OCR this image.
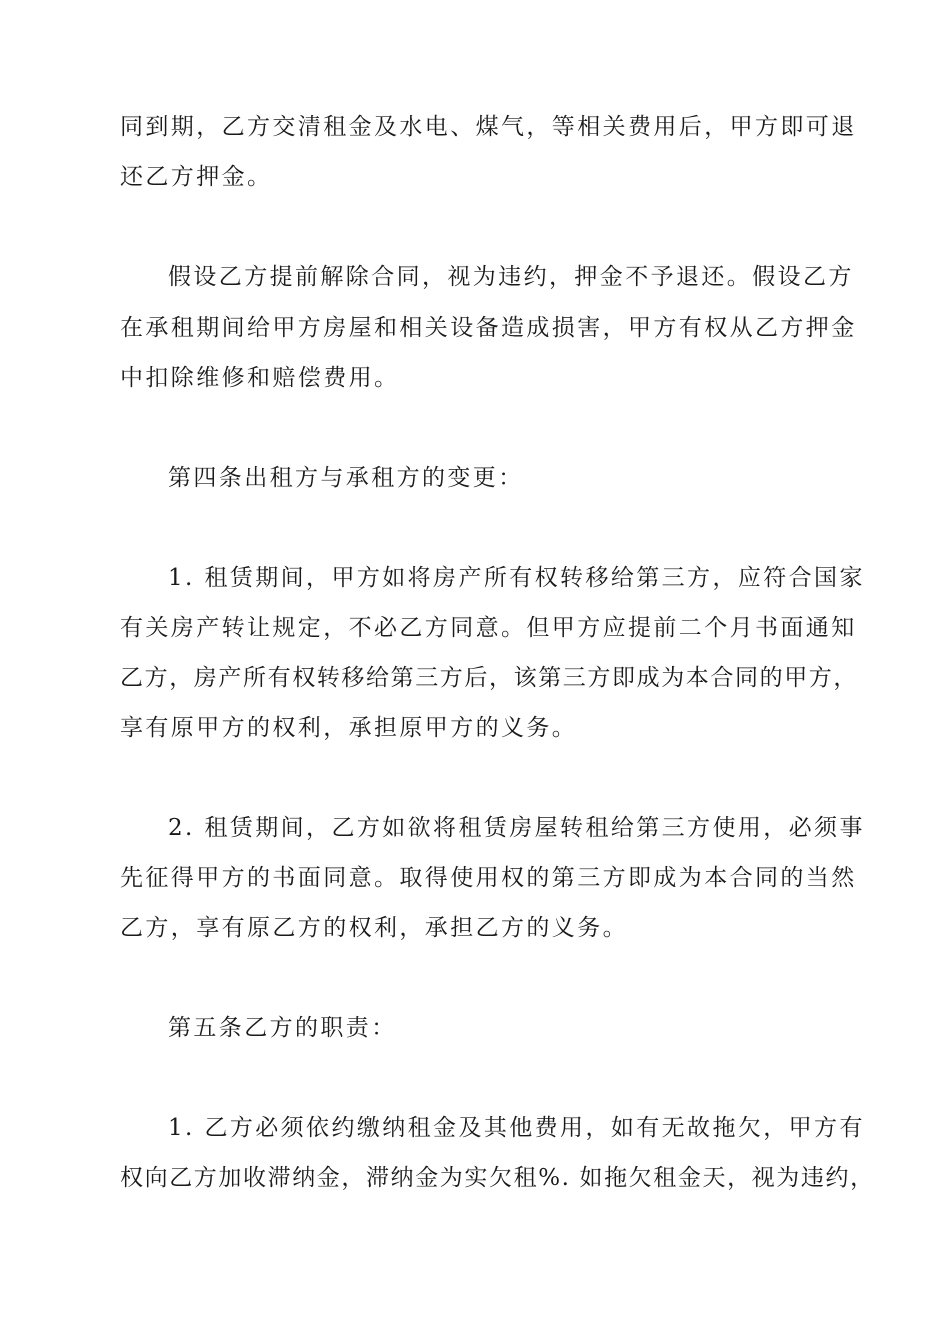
同到期，乙方交清租金及水电、煤气，等相关费用后，甲方即可退
还乙方押金。
假设乙方提前解除合同，视为违约，押金不予退还。假设乙方
在承租期间给甲方房屋和相关设备造成损害，甲方有权从乙方押金
中扣除维修和赔偿费用。
第四条出租方与承租方的变更：
1. 租赁期间，甲方如将房产所有权转移给第三方，应符合国家
有关房产转让规定，不必乙方同意。但甲方应提前二个月书面通知
乙方，房产所有权转移给第三方后，该第三方即成为本合同的甲方，
享有原甲方的权利，承担原甲方的义务。
2. 租赁期间，乙方如欲将租赁房屋转租给第三方使用，必须事
先征得甲方的书面同意。取得使用权的第三方即成为本合同的当然
乙方，享有原乙方的权利，承担乙方的义务。
第五条乙方的职责：
1. 乙方必须依约缴纳租金及其他费用，如有无故拖欠，甲方有
权向乙方加收滞纳金，滞纳金为实欠租%. 如拖欠租金天，视为违约，
